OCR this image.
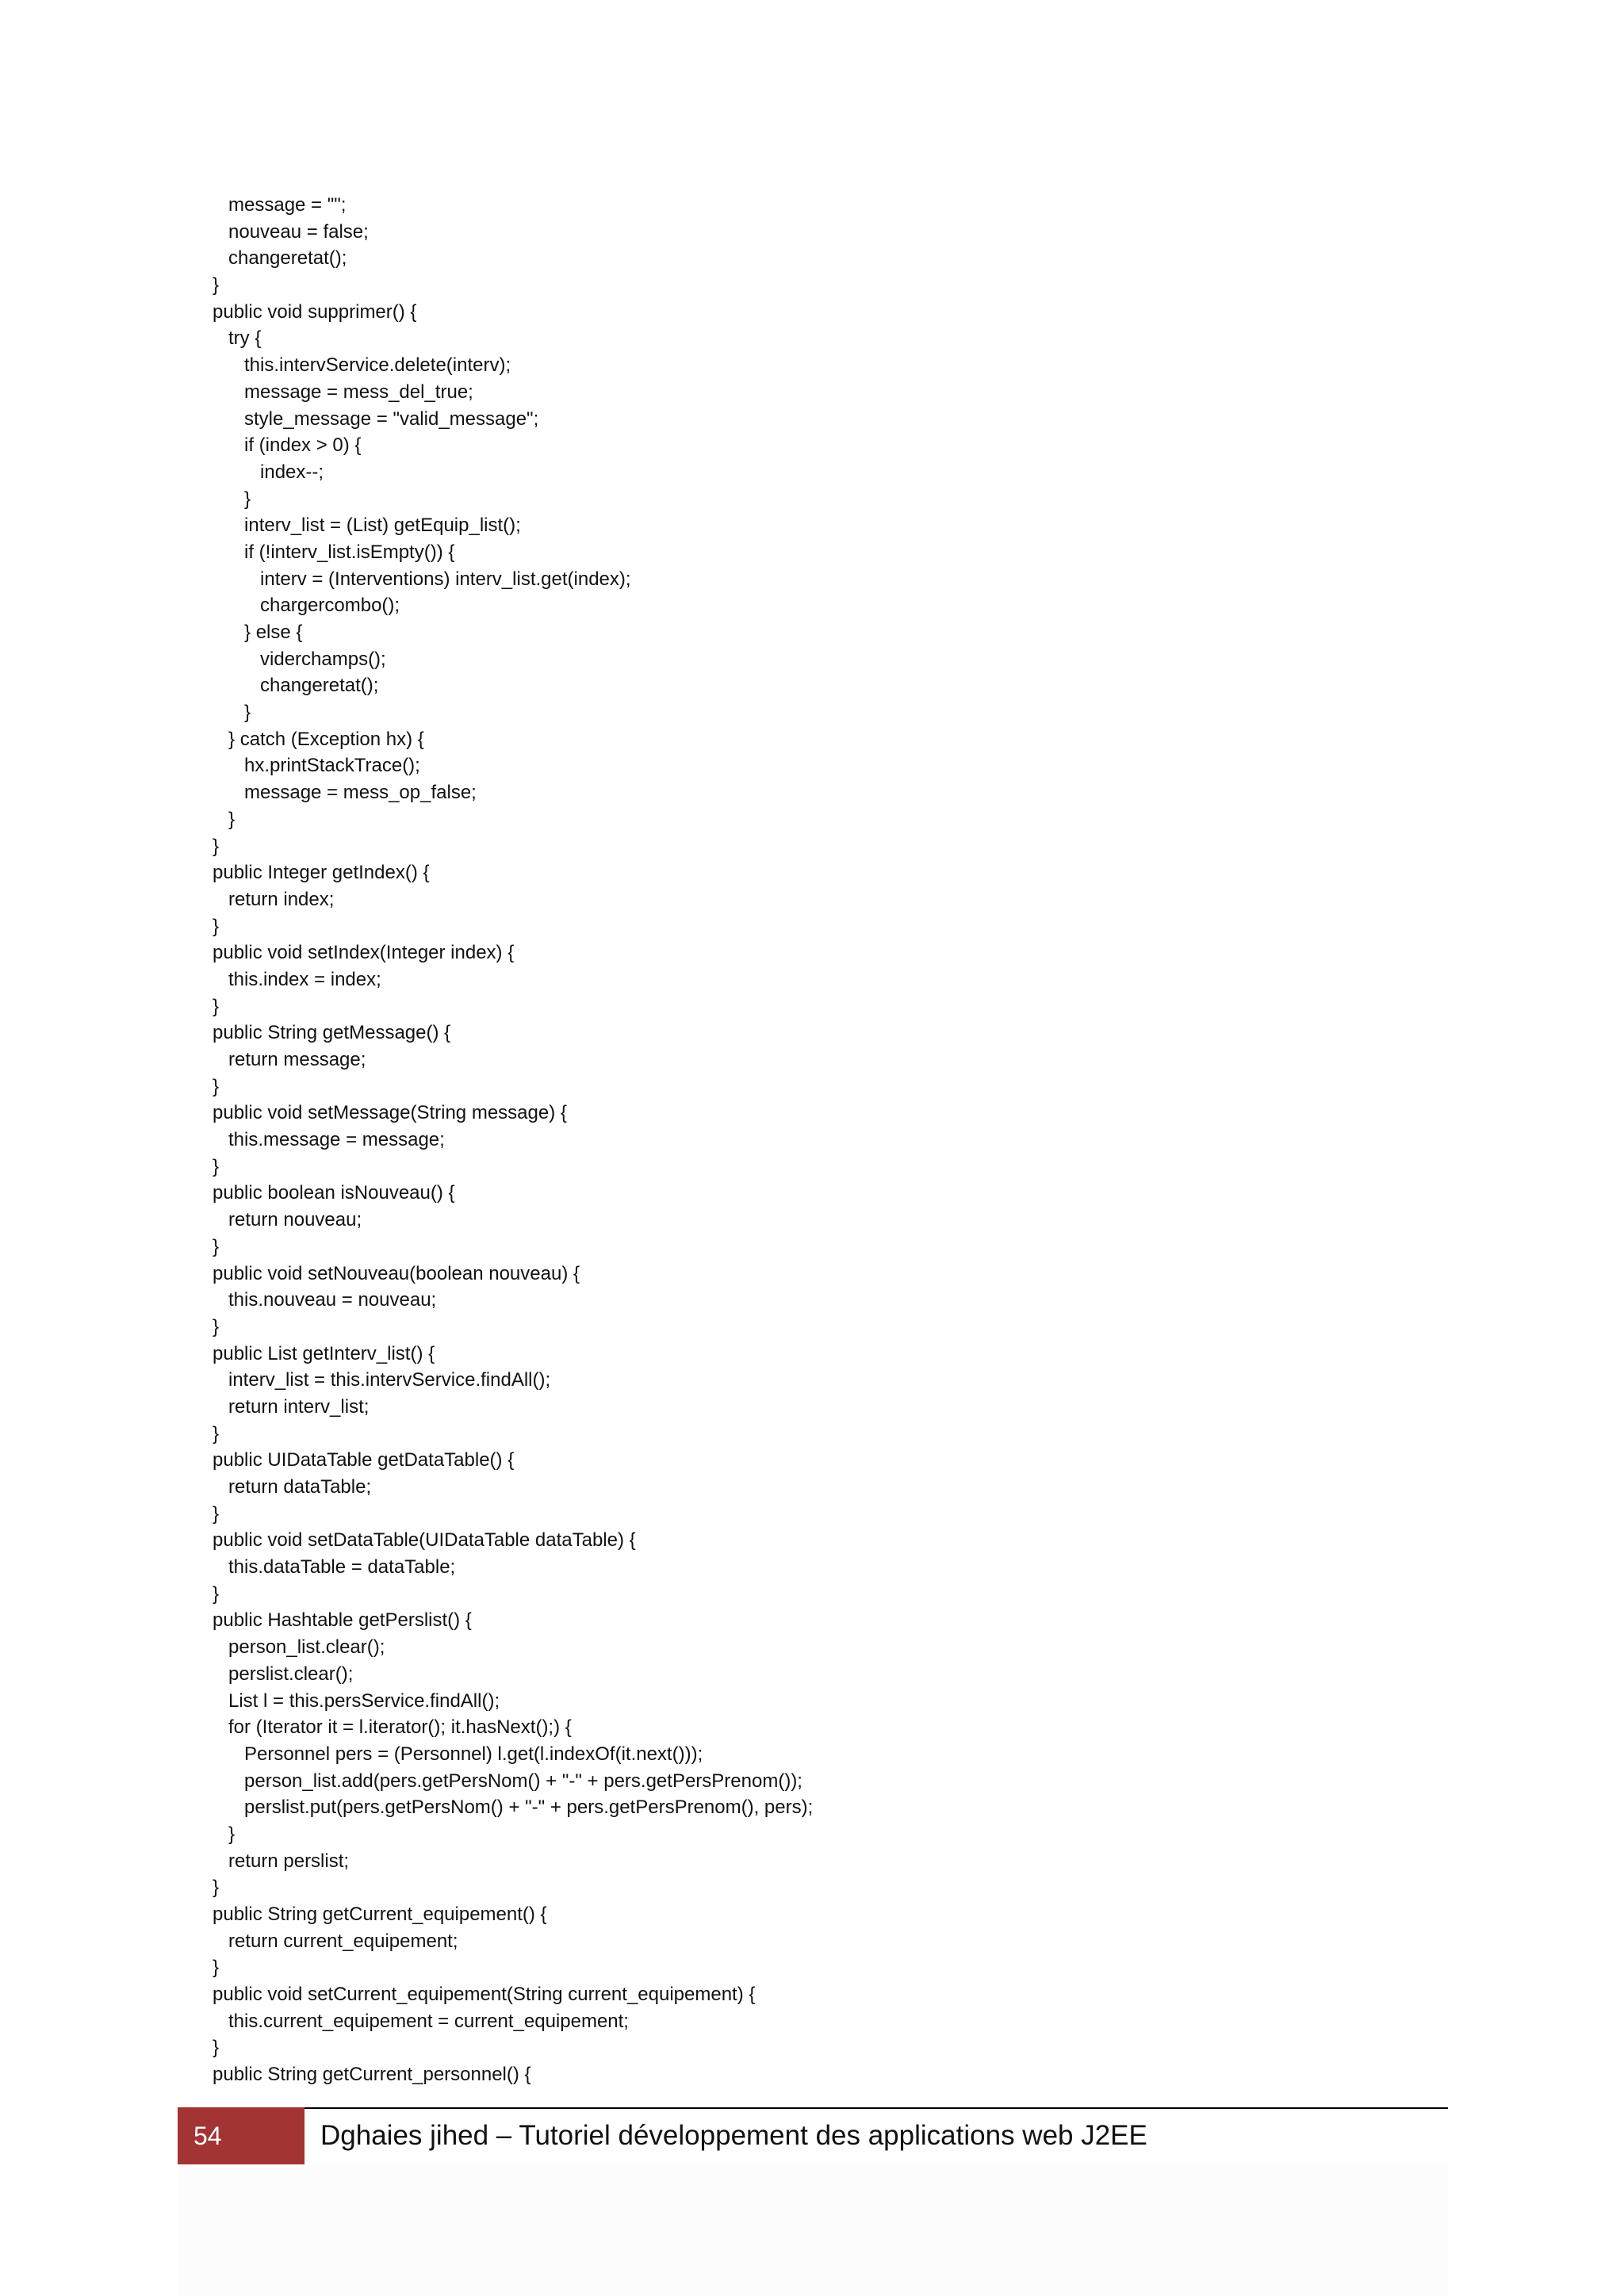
message = "";
nouveau = false;
changeretat();
}
public void supprimer() {
try {
this.intervService.delete(interv);
message = mess_del_true;
style_message = "valid_message";
if (index > 0) {
index--;
}
interv_list = (List) getEquip_list();
if (!interv_list.isEmpty()) {
interv = (Interventions) interv_list.get(index);
chargercombo();
} else {
viderchamps();
changeretat();
}
} catch (Exception hx) {
hx.printStackTrace();
message = mess_op_false;
}
}
public Integer getIndex() {
return index;
}
public void setIndex(Integer index) {
this.index = index;
}
public String getMessage() {
return message;
}
public void setMessage(String message) {
this.message = message;
}
public boolean isNouveau() {
return nouveau;
}
public void setNouveau(boolean nouveau) {
this.nouveau = nouveau;
}
public List getInterv_list() {
interv_list = this.intervService.findAll();
return interv_list;
}
public UIDataTable getDataTable() {
return dataTable;
}
public void setDataTable(UIDataTable dataTable) {
this.dataTable = dataTable;
}
public Hashtable getPerslist() {
person_list.clear();
perslist.clear();
List l = this.persService.findAll();
for (Iterator it = l.iterator(); it.hasNext();) {
Personnel pers = (Personnel) l.get(l.indexOf(it.next()));
person_list.add(pers.getPersNom() + "-" + pers.getPersPrenom());
perslist.put(pers.getPersNom() + "-" + pers.getPersPrenom(), pers);
}
return perslist;
}
public String getCurrent_equipement() {
return current_equipement;
}
public void setCurrent_equipement(String current_equipement) {
this.current_equipement = current_equipement;
}
public String getCurrent_personnel() {
54	Dghaies jihed – Tutoriel développement des applications web J2EE
